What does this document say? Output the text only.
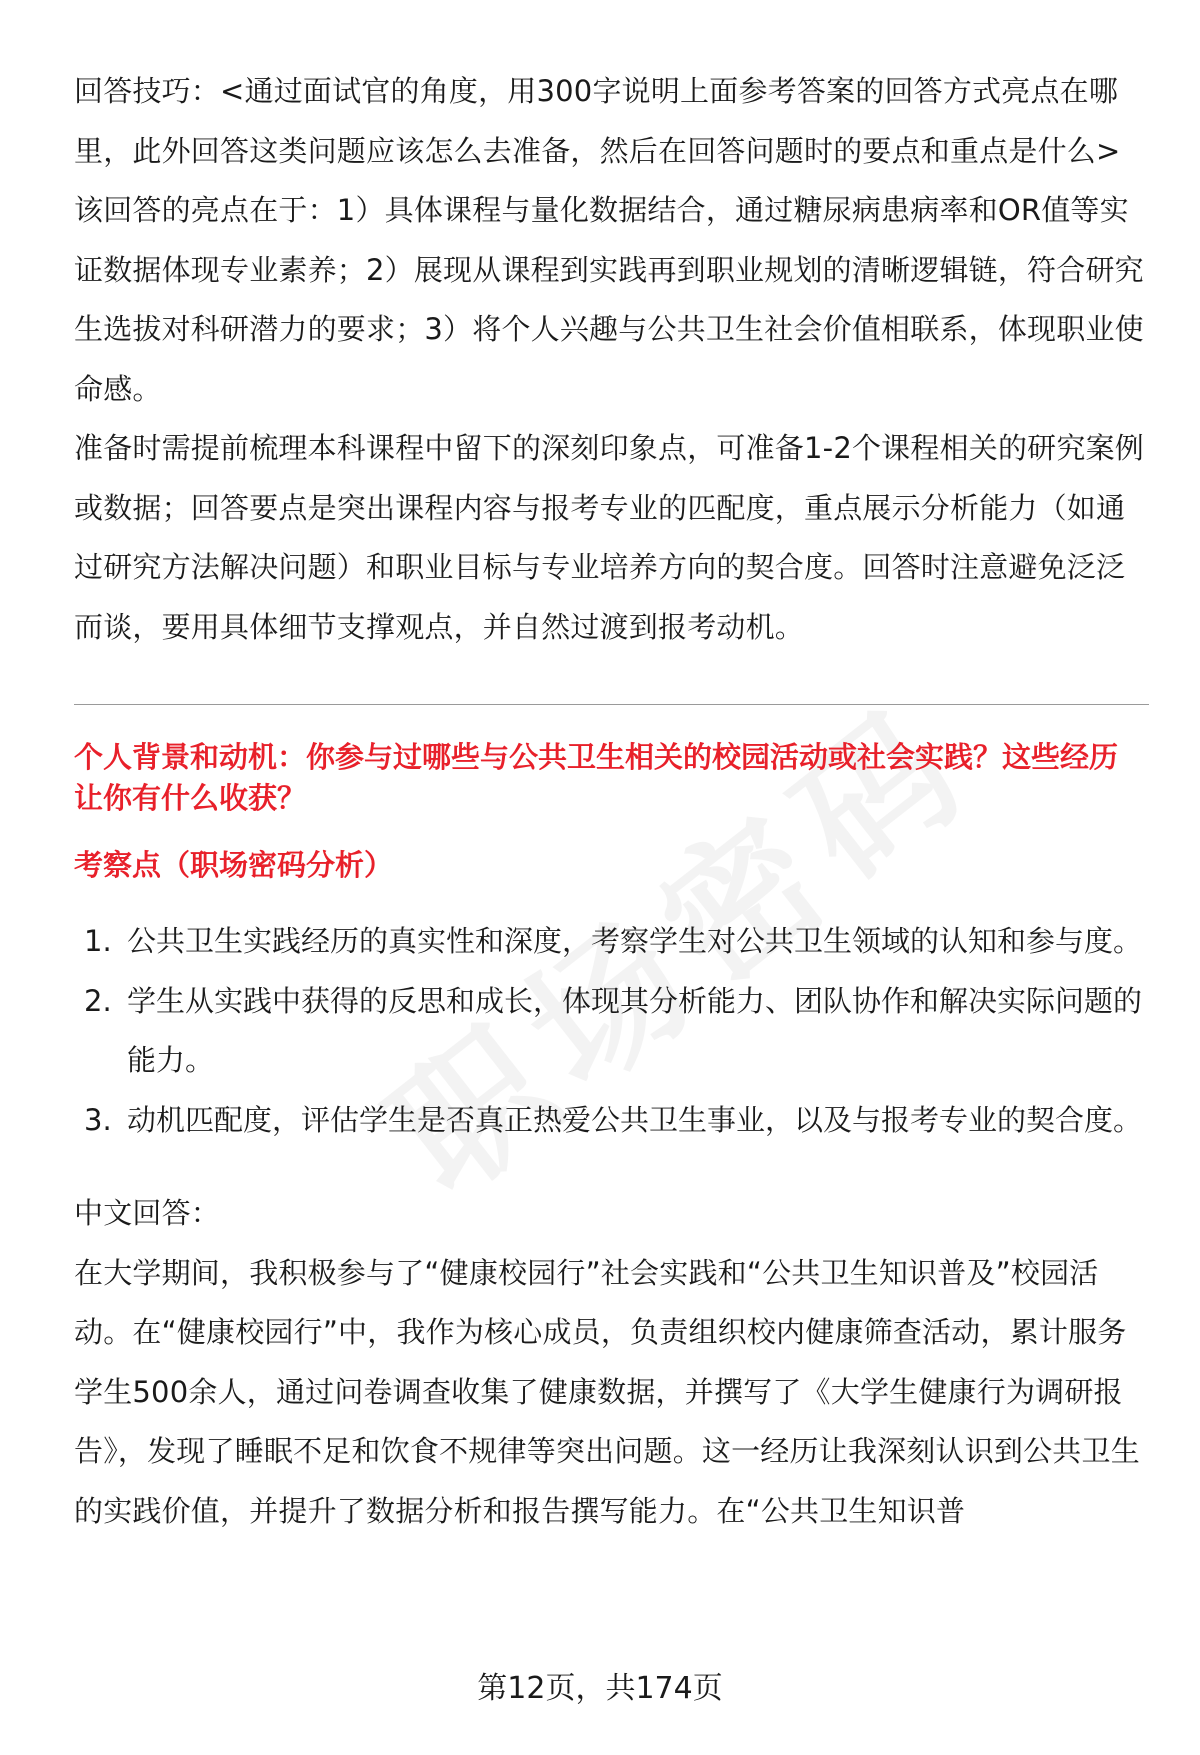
回答技巧：<通过面试官的角度，用300字说明上面参考答案的回答方式亮点在哪里，此外回答这类问题应该怎么去准备，然后在回答问题时的要点和重点是什么>

该回答的亮点在于：1）具体课程与量化数据结合，通过糖尿病患病率和OR值等实证数据体现专业素养；2）展现从课程到实践再到职业规划的清晰逻辑链，符合研究生选拔对科研潜力的要求；3）将个人兴趣与公共卫生社会价值相联系，体现职业使命感。

准备时需提前梳理本科课程中留下的深刻印象点，可准备1-2个课程相关的研究案例或数据；回答要点是突出课程内容与报考专业的匹配度，重点展示分析能力（如通过研究方法解决问题）和职业目标与专业培养方向的契合度。回答时注意避免泛泛而谈，要用具体细节支撑观点，并自然过渡到报考动机。

个人背景和动机：你参与过哪些与公共卫生相关的校园活动或社会实践？这些经历让你有什么收获？
考察点（职场密码分析）
1. 公共卫生实践经历的真实性和深度，考察学生对公共卫生领域的认知和参与度。
2. 学生从实践中获得的反思和成长，体现其分析能力、团队协作和解决实际问题的能力。
3. 动机匹配度，评估学生是否真正热爱公共卫生事业，以及与报考专业的契合度。

中文回答：

在大学期间，我积极参与了“健康校园行”社会实践和“公共卫生知识普及”校园活动。在“健康校园行”中，我作为核心成员，负责组织校内健康筛查活动，累计服务学生500余人，通过问卷调查收集了健康数据，并撰写了《大学生健康行为调研报告》，发现了睡眠不足和饮食不规律等突出问题。这一经历让我深刻认识到公共卫生的实践价值，并提升了数据分析和报告撰写能力。在“公共卫生知识普

第12页，共174页
